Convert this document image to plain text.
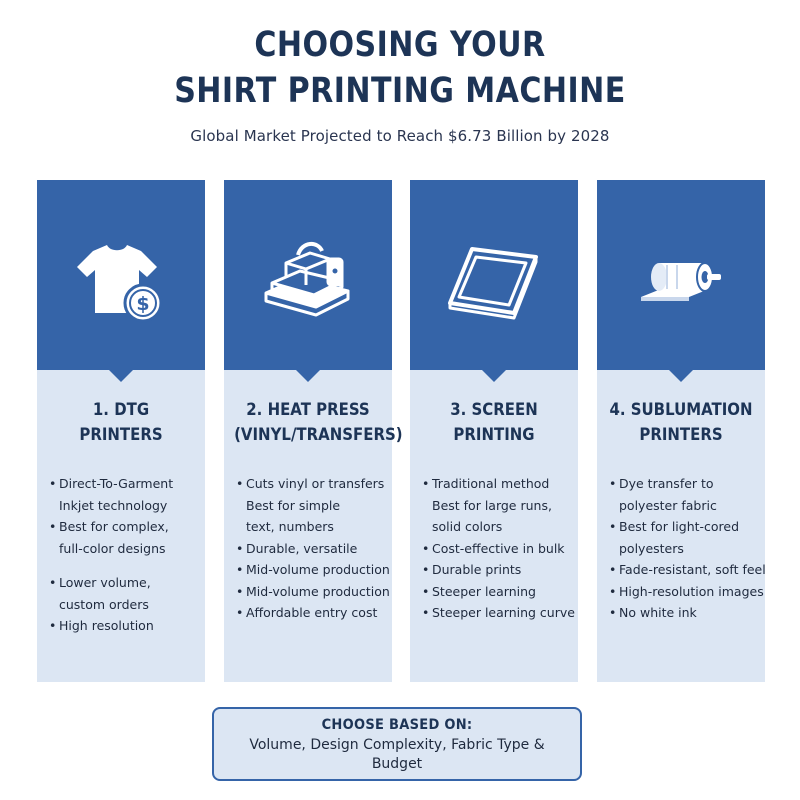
CHOOSING YOUR
SHIRT PRINTING MACHINE
Global Market Projected to Reach $6.73 Billion by 2028
$
1. DTG
PRINTERS
• Direct-To-Garment
Inkjet technology
• Best for complex,
full-color designs
• Lower volume,
custom orders
• High resolution
2. HEAT PRESS
(VINYL/TRANSFERS)
• Cuts vinyl or transfers
Best for simple
text, numbers
• Durable, versatile
• Mid-volume production
• Mid-volume production
• Affordable entry cost
3. SCREEN
PRINTING
• Traditional method
Best for large runs,
solid colors
• Cost-effective in bulk
• Durable prints
• Steeper learning
• Steeper learning curve
4. SUBLUMATION
PRINTERS
• Dye transfer to
polyester fabric
• Best for light-cored
polyesters
• Fade-resistant, soft feel
• High-resolution images
• No white ink
CHOOSE BASED ON:
Volume, Design Complexity, Fabric Type & Budget
